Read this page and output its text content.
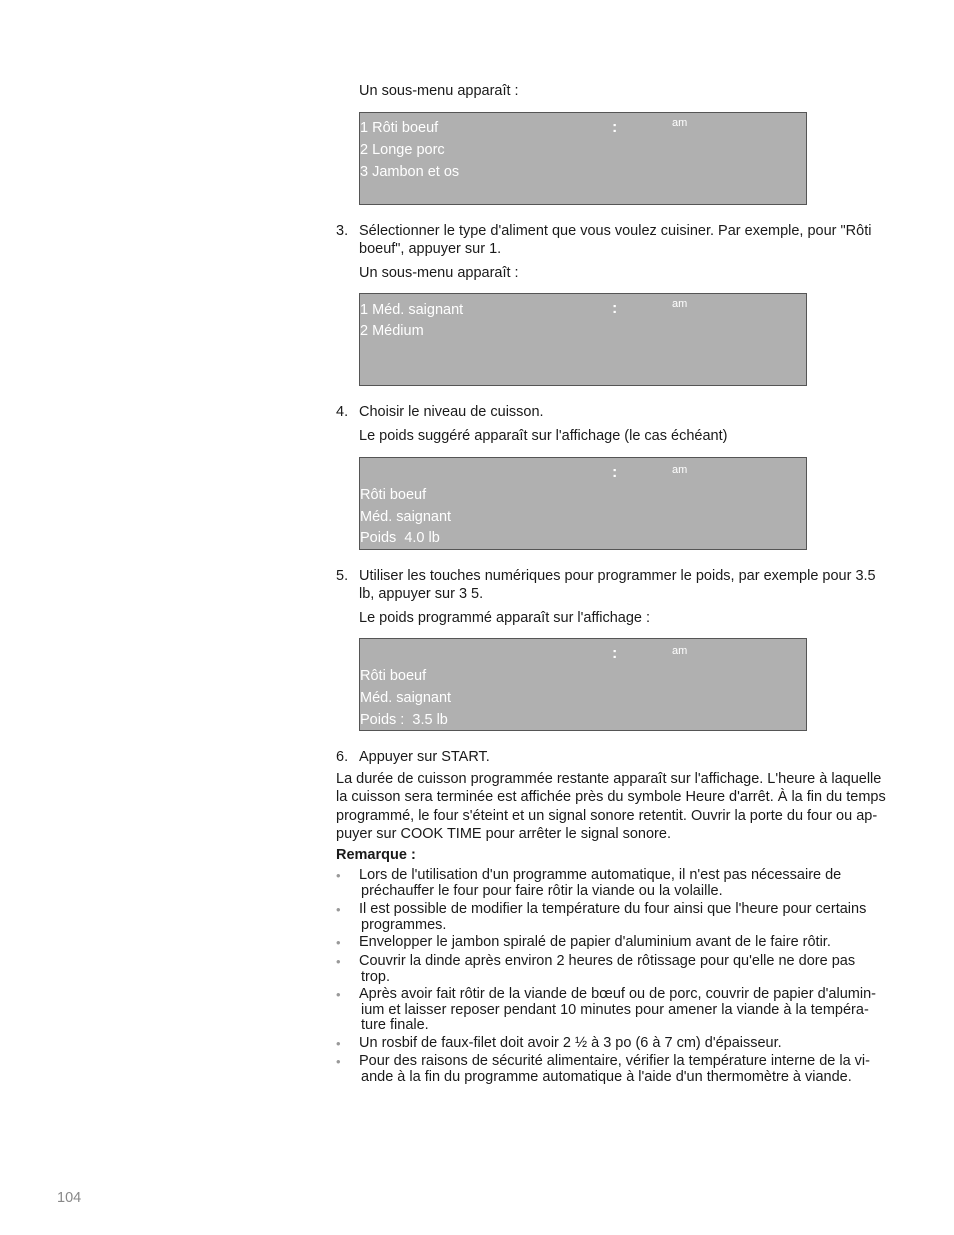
Un sous-menu apparaît :
1 Rôti boeuf
2 Longe porc
3 Jambon et os
:	am
3. Sélectionner le type d'aliment que vous voulez cuisiner. Par exemple, pour "Rôti
boeuf", appuyer sur 1.
Un sous-menu apparaît :
1 Méd. saignant
2 Médium
:	am
4. Choisir le niveau de cuisson.
Le poids suggéré apparaît sur l'affichage (le cas échéant)
Rôti boeuf
Méd. saignant
Poids  4.0 lb
:	am
5. Utiliser les touches numériques pour programmer le poids, par exemple pour 3.5
lb, appuyer sur 3 5.
Le poids programmé apparaît sur l'affichage :
Rôti boeuf
Méd. saignant
Poids :  3.5 lb
:	am
6. Appuyer sur START.
La durée de cuisson programmée restante apparaît sur l'affichage. L'heure à laquelle
la cuisson sera terminée est affichée près du symbole Heure d'arrêt. À la fin du temps
programmé, le four s'éteint et un signal sonore retentit. Ouvrir la porte du four ou ap-
puyer sur COOK TIME pour arrêter le signal sonore.
Remarque :
• Lors de l'utilisation d'un programme automatique, il n'est pas nécessaire de
préchauffer le four pour faire rôtir la viande ou la volaille.
• Il est possible de modifier la température du four ainsi que l'heure pour certains
programmes.
• Envelopper le jambon spiralé de papier d'aluminium avant de le faire rôtir.
• Couvrir la dinde après environ 2 heures de rôtissage pour qu'elle ne dore pas
trop.
• Après avoir fait rôtir de la viande de bœuf ou de porc, couvrir de papier d'alumin-
ium et laisser reposer pendant 10 minutes pour amener la viande à la tempéra-
ture finale.
• Un rosbif de faux-filet doit avoir 2 ½ à 3 po (6 à 7 cm) d'épaisseur.
• Pour des raisons de sécurité alimentaire, vérifier la température interne de la vi-
ande à la fin du programme automatique à l'aide d'un thermomètre à viande.
104
